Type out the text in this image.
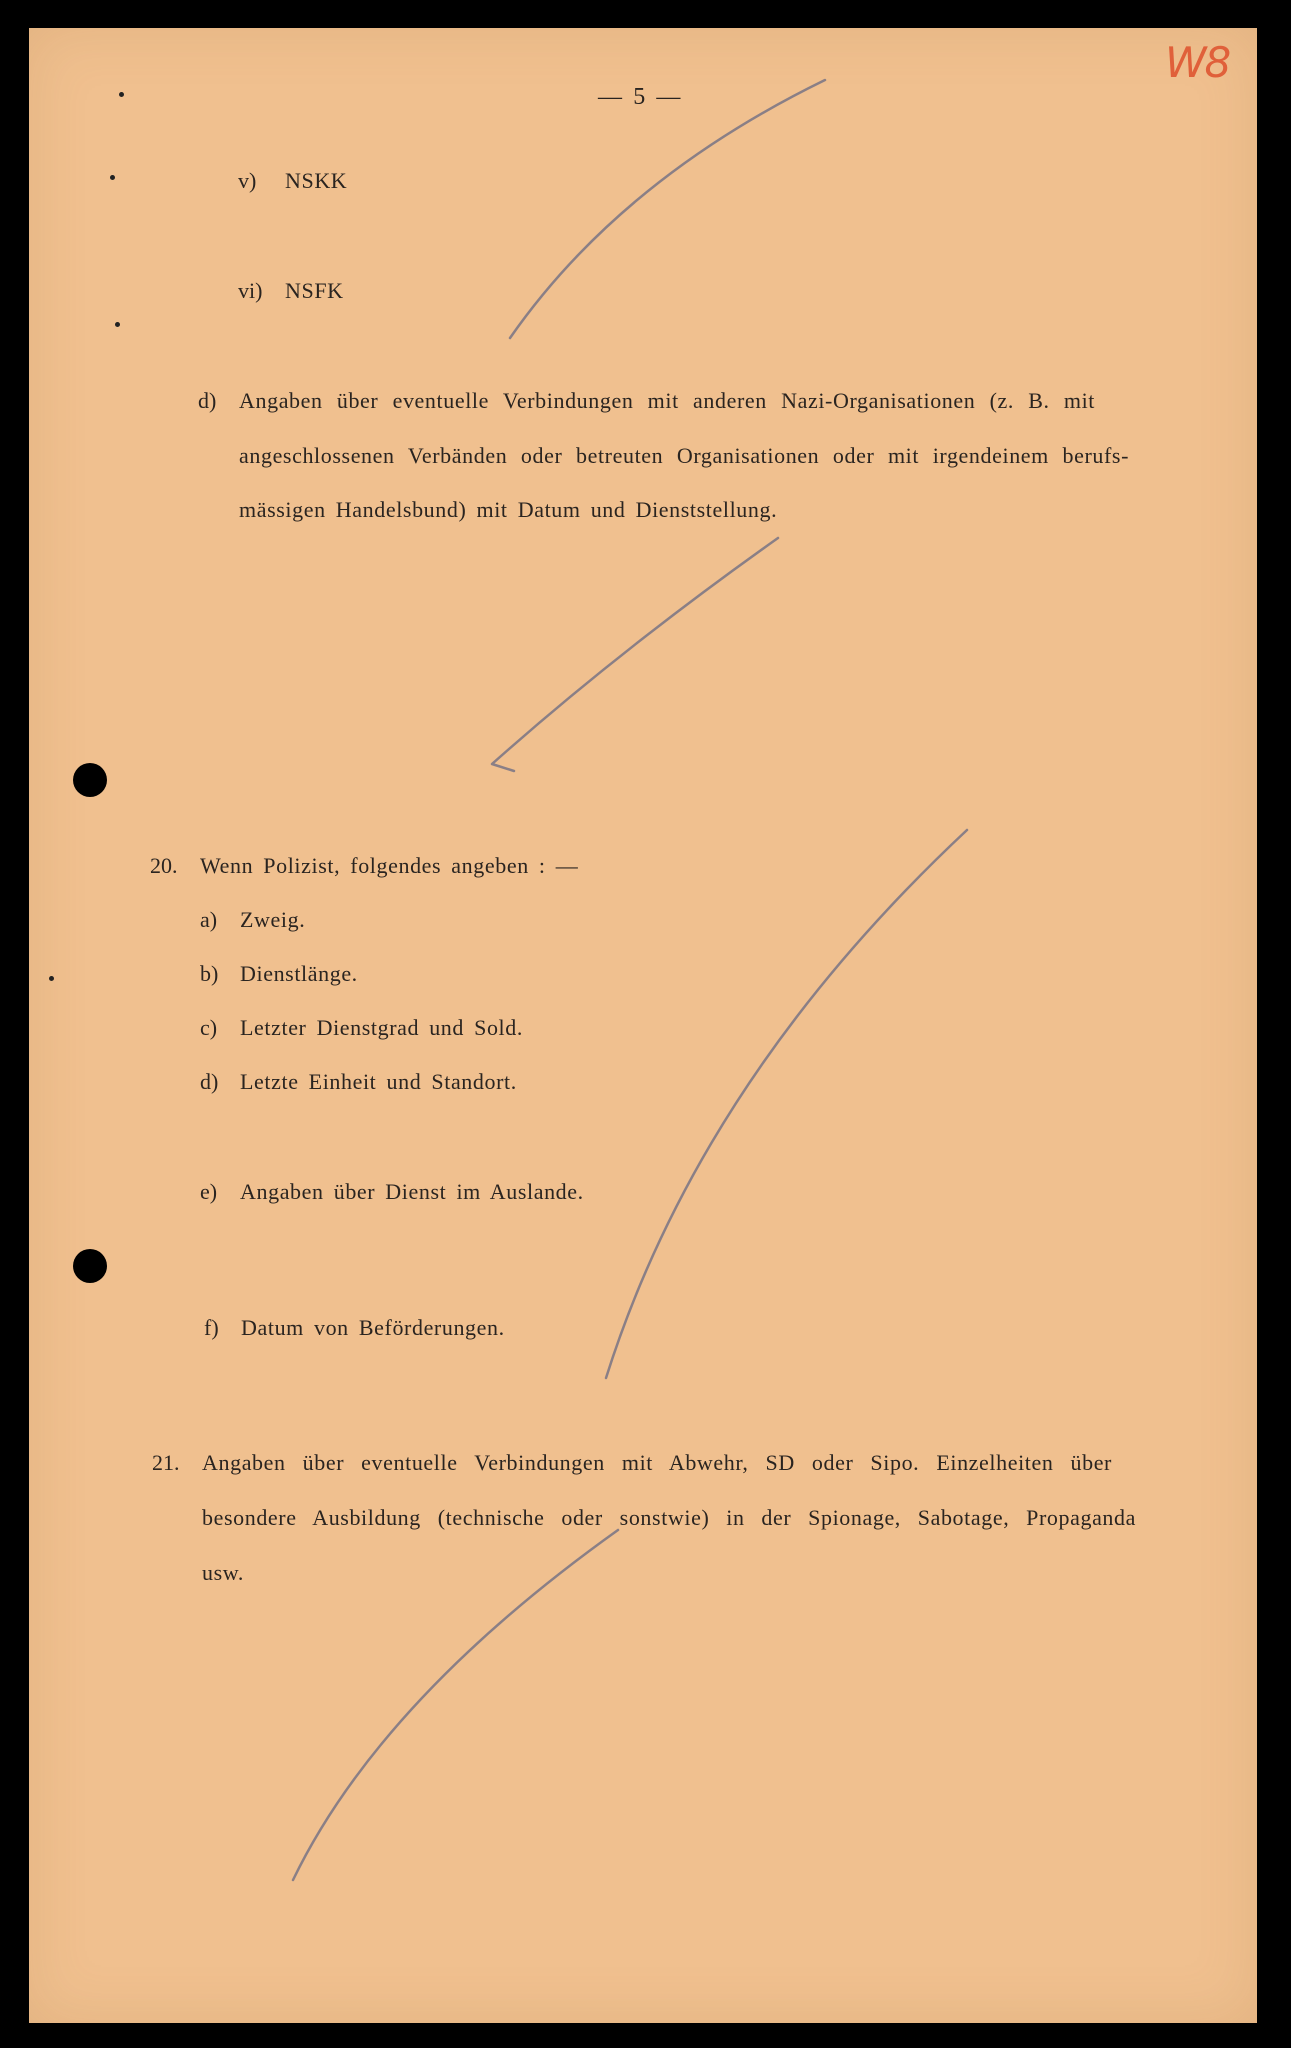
W8
— 5 —
v) NSKK
vi) NSFK
d) Angaben über eventuelle Verbindungen mit anderen Nazi-Organisationen (z. B. mit
angeschlossenen Verbänden oder betreuten Organisationen oder mit irgendeinem berufs-
mässigen Handelsbund) mit Datum und Dienststellung.
20. Wenn Polizist, folgendes angeben : —
a) Zweig.
b) Dienstlänge.
c) Letzter Dienstgrad und Sold.
d) Letzte Einheit und Standort.
e) Angaben über Dienst im Auslande.
f) Datum von Beförderungen.
21. Angaben über eventuelle Verbindungen mit Abwehr, SD oder Sipo. Einzelheiten über
besondere Ausbildung (technische oder sonstwie) in der Spionage, Sabotage, Propaganda
usw.
